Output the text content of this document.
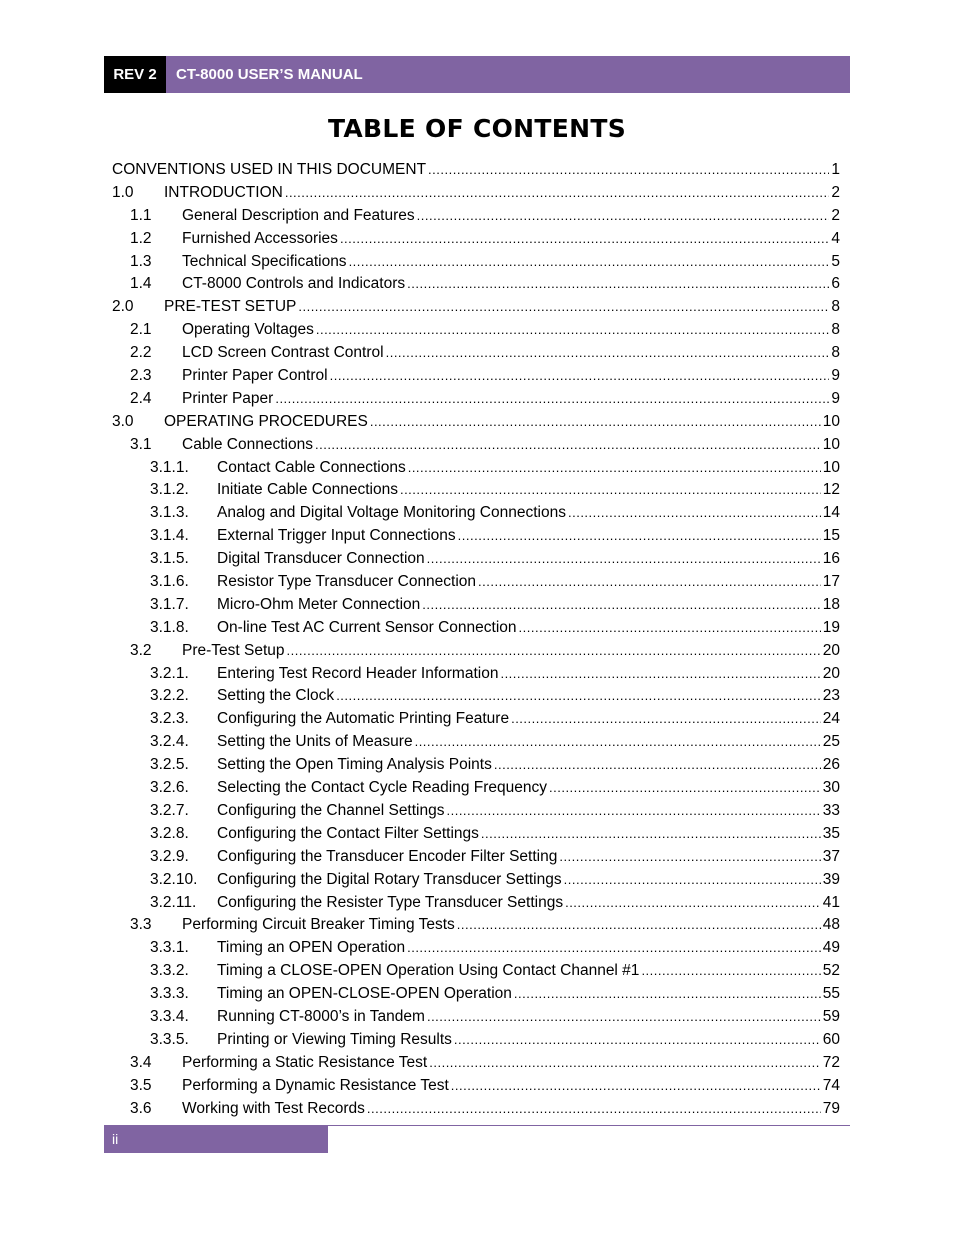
REV 2	CT-8000 USER’S MANUAL
TABLE OF CONTENTS
CONVENTIONS USED IN THIS DOCUMENT .....	1
1.0	INTRODUCTION .....	2
1.1	General Description and Features .....	2
1.2	Furnished Accessories .....	4
1.3	Technical Specifications .....	5
1.4	CT-8000 Controls and Indicators .....	6
2.0	PRE-TEST SETUP .....	8
2.1	Operating Voltages .....	8
2.2	LCD Screen Contrast Control .....	8
2.3	Printer Paper Control .....	9
2.4	Printer Paper .....	9
3.0	OPERATING PROCEDURES .....	10
3.1	Cable Connections .....	10
3.1.1.	Contact Cable Connections .....	10
3.1.2.	Initiate Cable Connections .....	12
3.1.3.	Analog and Digital Voltage Monitoring Connections .....	14
3.1.4.	External Trigger Input Connections .....	15
3.1.5.	Digital Transducer Connection .....	16
3.1.6.	Resistor Type Transducer Connection .....	17
3.1.7.	Micro-Ohm Meter Connection .....	18
3.1.8.	On-line Test AC Current Sensor Connection .....	19
3.2	Pre-Test Setup .....	20
3.2.1.	Entering Test Record Header Information .....	20
3.2.2.	Setting the Clock .....	23
3.2.3.	Configuring the Automatic Printing Feature .....	24
3.2.4.	Setting the Units of Measure .....	25
3.2.5.	Setting the Open Timing Analysis Points .....	26
3.2.6.	Selecting the Contact Cycle Reading Frequency .....	30
3.2.7.	Configuring the Channel Settings .....	33
3.2.8.	Configuring the Contact Filter Settings .....	35
3.2.9.	Configuring the Transducer Encoder Filter Setting .....	37
3.2.10.	Configuring the Digital Rotary Transducer Settings .....	39
3.2.11.	Configuring the Resister Type Transducer Settings .....	41
3.3	Performing Circuit Breaker Timing Tests .....	48
3.3.1.	Timing an OPEN Operation .....	49
3.3.2.	Timing a CLOSE-OPEN Operation Using Contact Channel #1 .....	52
3.3.3.	Timing an OPEN-CLOSE-OPEN Operation .....	55
3.3.4.	Running CT-8000’s in Tandem .....	59
3.3.5.	Printing or Viewing Timing Results .....	60
3.4	Performing a Static Resistance Test .....	72
3.5	Performing a Dynamic Resistance Test .....	74
3.6	Working with Test Records .....	79
ii
